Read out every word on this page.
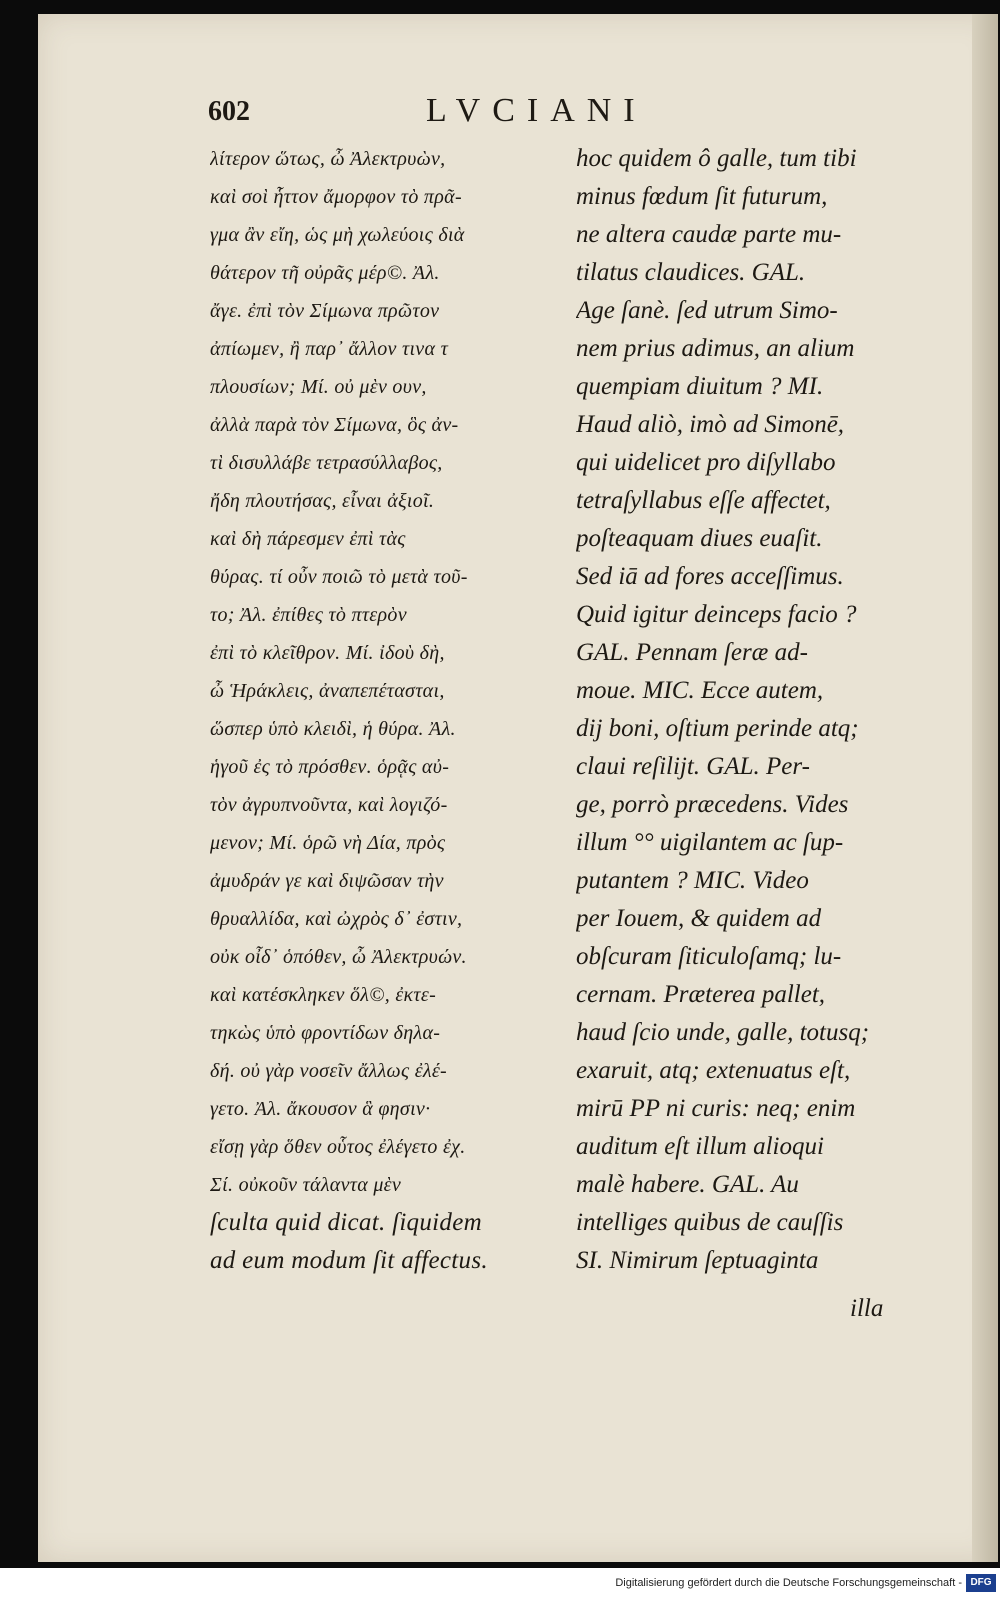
602	LVCIANI
λίτερον ὥτως, ὦ Ἀλεκτρυὼν,
καὶ σοὶ ἧττον ἄμορφον τὸ πρᾶ-
γμα ἂν εἴη, ὡς μὴ χωλεύοις διὰ
θάτερον τῆ οὐρᾶς μέρ©. Ἀλ.
ἄγε. ἐπὶ τὸν Σίμωνα πρῶτον
ἀπίωμεν, ἢ παρ᾽ ἄλλον τινα τ
πλουσίων; Μί. οὐ μὲν ουν,
ἀλλὰ παρὰ τὸν Σίμωνα, ὃς ἀν-
τὶ δισυλλάβε τετρασύλλαβος,
ἤδη πλουτήσας, εἶναι ἀξιοῖ.
καὶ δὴ πάρεσμεν ἐπὶ τὰς
θύρας. τί οὖν ποιῶ τὸ μετὰ τοῦ-
το; Ἀλ. ἐπίθες τὸ πτερὸν
ἐπὶ τὸ κλεῖθρον. Μί. ἰδοὺ δὴ,
ὦ Ἡράκλεις, ἀναπεπέτασται,
ὥσπερ ὑπὸ κλειδὶ, ἡ θύρα. Ἀλ.
ἡγοῦ ἐς τὸ πρόσθεν. ὁρᾷς αὐ-
τὸν ἀγρυπνοῦντα, καὶ λογιζό-
μενον; Μί. ὁρῶ νὴ Δία, πρὸς
ἀμυδράν γε καὶ διψῶσαν τὴν
θρυαλλίδα, καὶ ὠχρὸς δ᾽ ἐστιν,
οὐκ οἶδ᾽ ὁπόθεν, ὦ Ἀλεκτρυών.
καὶ κατέσκληκεν ὅλ©, ἐκτε-
τηκὼς ὑπὸ φροντίδων δηλα-
δή. οὐ γὰρ νοσεῖν ἄλλως ἐλέ-
γετο. Ἀλ. ἄκουσον ἃ φησιν·
εἴσῃ γὰρ ὅθεν οὗτος ἐλέγετο ἐχ.
Σί. οὐκοῦν τάλαντα μὲν
ſculta quid dicat. ſiquidem
ad eum modum ſit affectus.
hoc quidem ô galle, tum tibi
minus fœdum ſit futurum,
ne altera caudæ parte mu-
tilatus claudices. GAL.
Age ſanè. ſed utrum Simo-
nem prius adimus, an alium
quempiam diuitum ? MI.
Haud aliò, imò ad Simonē,
qui uidelicet pro diſyllabo
tetraſyllabus eſſe affectet,
poſteaquam diues euaſit.
Sed iā ad fores acceſſimus.
Quid igitur deinceps facio ?
GAL. Pennam ſeræ ad-
moue. MIC. Ecce autem,
dij boni, oſtium perinde atq;
claui reſilijt. GAL. Per-
ge, porrò præcedens. Vides
illum °° uigilantem ac ſup-
putantem ? MIC. Video
per Iouem, & quidem ad
obſcuram ſiticuloſamq; lu-
cernam. Præterea pallet,
haud ſcio unde, galle, totusq;
exaruit, atq; extenuatus eſt,
mirū PP ni curis: neq; enim
auditum eſt illum alioqui
malè habere. GAL. Au
intelliges quibus de cauſſis
SI. Nimirum ſeptuaginta
illa
Digitalisierung gefördert durch die Deutsche Forschungsgemeinschaft - DFG
